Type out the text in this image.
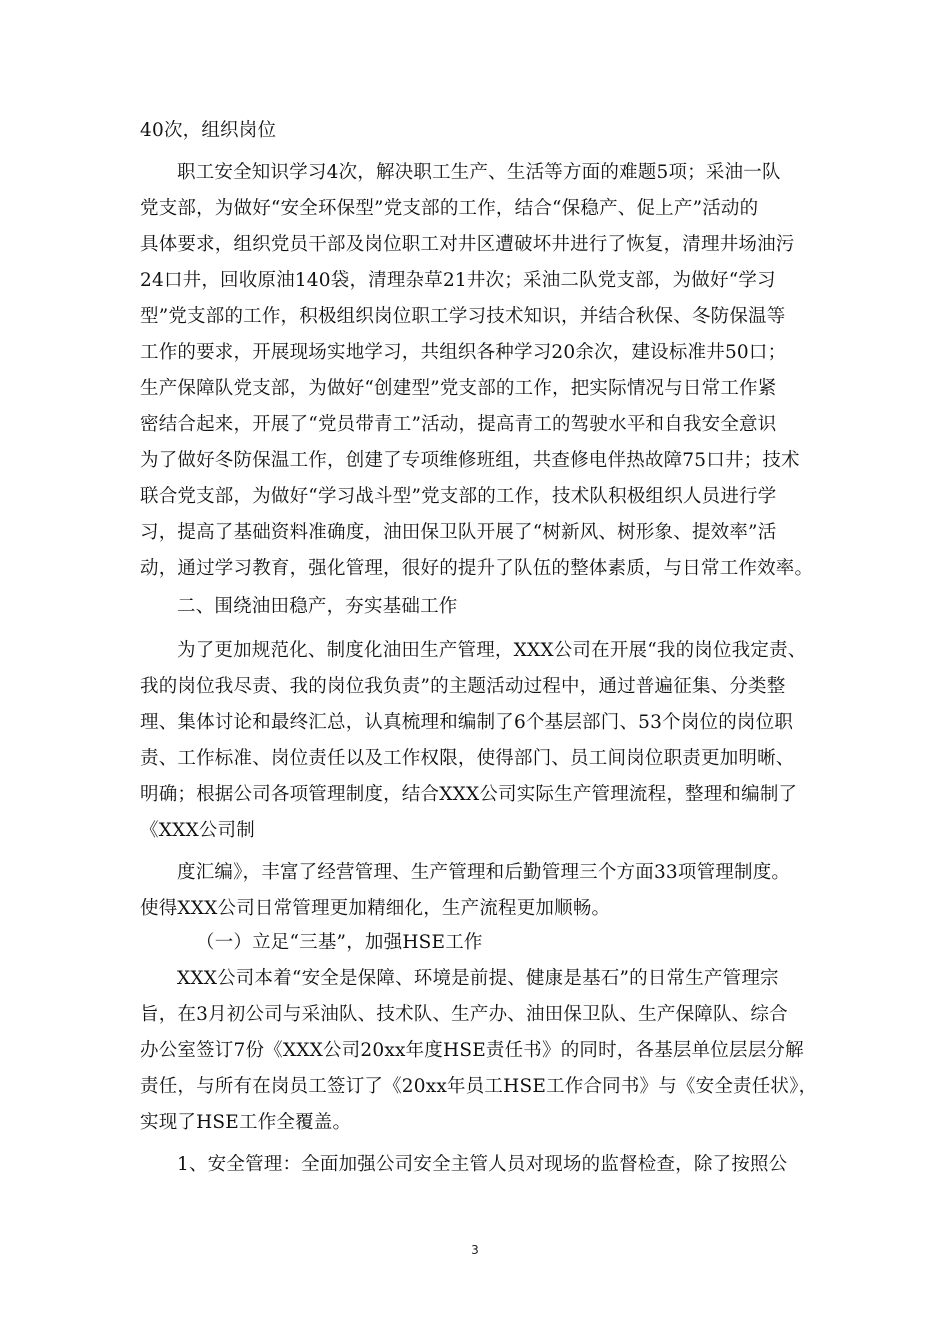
40次，组织岗位
职工安全知识学习4次，解决职工生产、生活等方面的难题5项；采油一队
党支部，为做好“安全环保型”党支部的工作，结合“保稳产、促上产”活动的
具体要求，组织党员干部及岗位职工对井区遭破坏井进行了恢复，清理井场油污
24口井，回收原油140袋，清理杂草21井次；采油二队党支部，为做好“学习
型”党支部的工作，积极组织岗位职工学习技术知识，并结合秋保、冬防保温等
工作的要求，开展现场实地学习，共组织各种学习20余次，建设标准井50口；
生产保障队党支部，为做好“创建型”党支部的工作，把实际情况与日常工作紧
密结合起来，开展了“党员带青工”活动，提高青工的驾驶水平和自我安全意识
为了做好冬防保温工作，创建了专项维修班组，共查修电伴热故障75口井；技术
联合党支部，为做好“学习战斗型”党支部的工作，技术队积极组织人员进行学
习，提高了基础资料准确度，油田保卫队开展了“树新风、树形象、提效率”活
动，通过学习教育，强化管理，很好的提升了队伍的整体素质，与日常工作效率。
二、围绕油田稳产，夯实基础工作
为了更加规范化、制度化油田生产管理，XXX公司在开展“我的岗位我定责、
我的岗位我尽责、我的岗位我负责”的主题活动过程中，通过普遍征集、分类整
理、集体讨论和最终汇总，认真梳理和编制了6个基层部门、53个岗位的岗位职
责、工作标准、岗位责任以及工作权限，使得部门、员工间岗位职责更加明晰、
明确；根据公司各项管理制度，结合XXX公司实际生产管理流程，整理和编制了
《XXX公司制
度汇编》，丰富了经营管理、生产管理和后勤管理三个方面33项管理制度。
使得XXX公司日常管理更加精细化，生产流程更加顺畅。
（一）立足“三基”，加强HSE工作
XXX公司本着“安全是保障、环境是前提、健康是基石”的日常生产管理宗
旨，在3月初公司与采油队、技术队、生产办、油田保卫队、生产保障队、综合
办公室签订7份《XXX公司20xx年度HSE责任书》的同时，各基层单位层层分解
责任，与所有在岗员工签订了《20xx年员工HSE工作合同书》与《安全责任状》，
实现了HSE工作全覆盖。
1、安全管理：全面加强公司安全主管人员对现场的监督检查，除了按照公
3
